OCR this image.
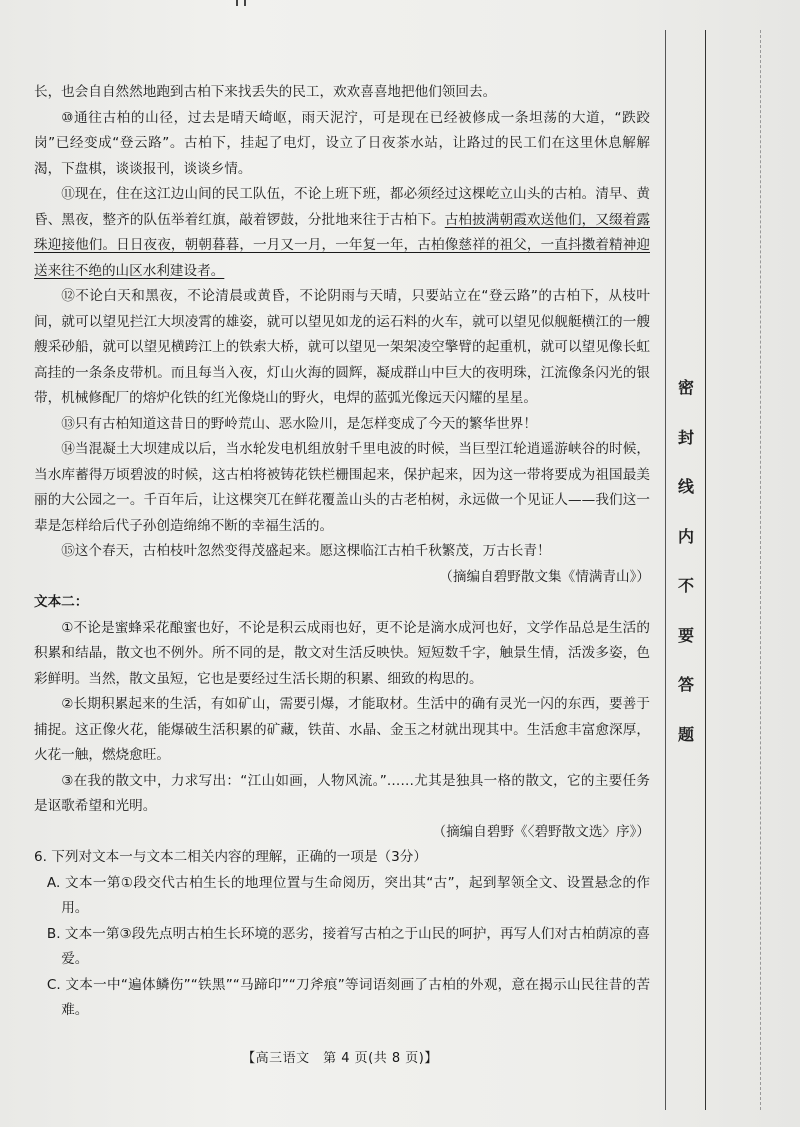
长，也会自自然然地跑到古柏下来找丢失的民工，欢欢喜喜地把他们领回去。

⑩通往古柏的山径，过去是晴天崎岖，雨天泥泞，可是现在已经被修成一条坦荡的大道，“跌跤岗”已经变成“登云路”。古柏下，挂起了电灯，设立了日夜茶水站，让路过的民工们在这里休息解解渴，下盘棋，谈谈报刊，谈谈乡情。

⑪现在，住在这江边山间的民工队伍，不论上班下班，都必须经过这棵屹立山头的古柏。清早、黄昏、黑夜，整齐的队伍举着红旗，敲着锣鼓，分批地来往于古柏下。古柏披满朝霞欢送他们，又缀着露珠迎接他们。日日夜夜，朝朝暮暮，一月又一月，一年复一年，古柏像慈祥的祖父，一直抖擞着精神迎送来往不绝的山区水利建设者。

⑫不论白天和黑夜，不论清晨或黄昏，不论阴雨与天晴，只要站立在“登云路”的古柏下，从枝叶间，就可以望见拦江大坝凌霄的雄姿，就可以望见如龙的运石料的火车，就可以望见似舰艇横江的一艘艘采砂船，就可以望见横跨江上的铁索大桥，就可以望见一架架凌空擎臂的起重机，就可以望见像长虹高挂的一条条皮带机。而且每当入夜，灯山火海的圆辉，凝成群山中巨大的夜明珠，江流像条闪光的银带，机械修配厂的熔炉化铁的红光像烧山的野火，电焊的蓝弧光像远天闪耀的星星。

⑬只有古柏知道这昔日的野岭荒山、恶水险川，是怎样变成了今天的繁华世界！

⑭当混凝土大坝建成以后，当水轮发电机组放射千里电波的时候，当巨型江轮逍遥游峡谷的时候，当水库蓄得万顷碧波的时候，这古柏将被铸花铁栏栅围起来，保护起来，因为这一带将要成为祖国最美丽的大公园之一。千百年后，让这棵突兀在鲜花覆盖山头的古老柏树，永远做一个见证人——我们这一辈是怎样给后代子孙创造绵绵不断的幸福生活的。

⑮这个春天，古柏枝叶忽然变得茂盛起来。愿这棵临江古柏千秋繁茂，万古长青！

（摘编自碧野散文集《情满青山》）

文本二：

①不论是蜜蜂采花酿蜜也好，不论是积云成雨也好，更不论是滴水成河也好，文学作品总是生活的积累和结晶，散文也不例外。所不同的是，散文对生活反映快。短短数千字，触景生情，活泼多姿，色彩鲜明。当然，散文虽短，它也是要经过生活长期的积累、细致的构思的。

②长期积累起来的生活，有如矿山，需要引爆，才能取材。生活中的确有灵光一闪的东西，要善于捕捉。这正像火花，能爆破生活积累的矿藏，铁苗、水晶、金玉之材就出现其中。生活愈丰富愈深厚，火花一触，燃烧愈旺。

③在我的散文中，力求写出：“江山如画，人物风流。”……尤其是独具一格的散文，它的主要任务是讴歌希望和光明。

（摘编自碧野《〈碧野散文选〉序》）

6. 下列对文本一与文本二相关内容的理解，正确的一项是（3分）

A. 文本一第①段交代古柏生长的地理位置与生命阅历，突出其“古”，起到挈领全文、设置悬念的作用。

B. 文本一第③段先点明古柏生长环境的恶劣，接着写古柏之于山民的呵护，再写人们对古柏荫凉的喜爱。

C. 文本一中“遍体鳞伤”“铁黑”“马蹄印”“刀斧痕”等词语刻画了古柏的外观，意在揭示山民往昔的苦难。

【高三语文　第 4 页(共 8 页)】
密
封
线
内
不
要
答
题
